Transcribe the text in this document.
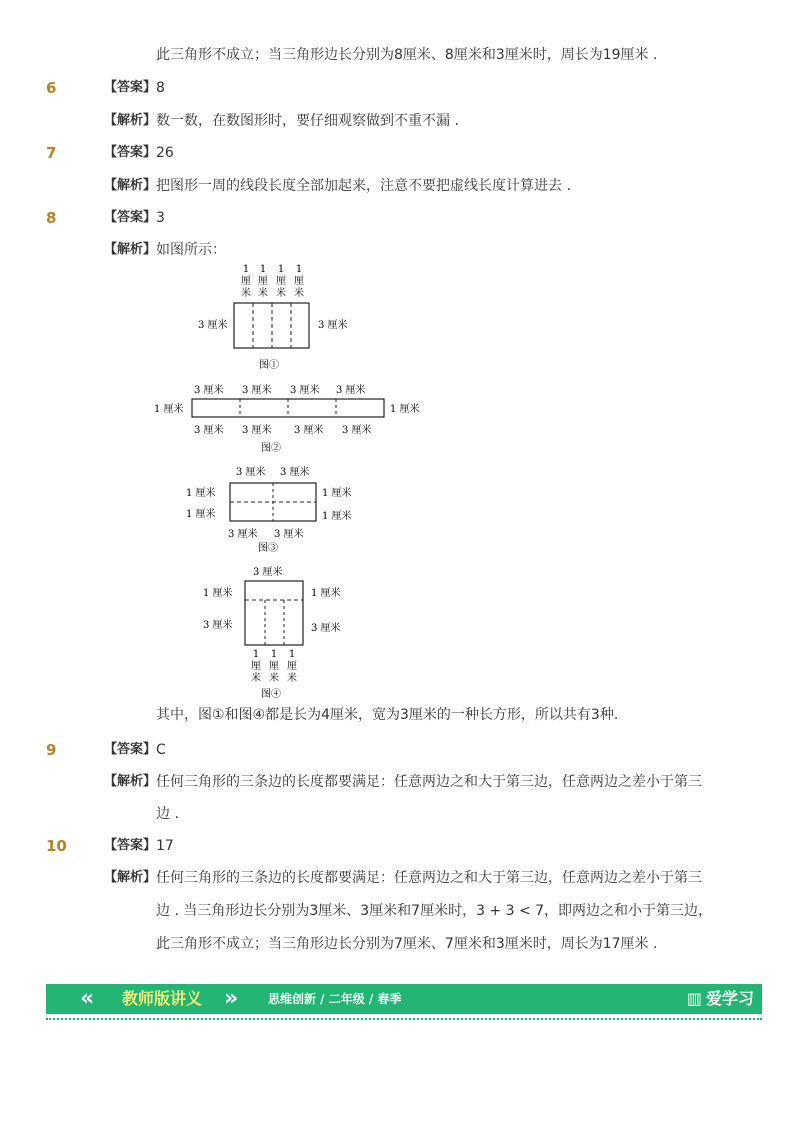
此三角形不成立；当三角形边长分别为8厘米、8厘米和3厘米时，周长为19厘米 .
6	【答案】 8
【解析】 数一数，在数图形时，要仔细观察做到不重不漏 .
7	【答案】 26
【解析】 把图形一周的线段长度全部加起来，注意不要把虚线长度计算进去 .
8	【答案】 3
【解析】 如图所示：
1 1 1 1
厘 厘 厘 厘
米 米 米 米
3 厘米	3 厘米
图①
3 厘米 3 厘米 3 厘米 3 厘米
1 厘米	1 厘米
3 厘米 3 厘米 3 厘米 3 厘米
图②
3 厘米 3 厘米
1 厘米
1 厘米
1 厘米
1 厘米
3 厘米 3 厘米
图③
3 厘米
1 厘米
3 厘米
1 厘米
3 厘米
1 1 1
厘 厘 厘
米 米 米
图④
其中，图①和图④都是长为4厘米，宽为3厘米的一种长方形，所以共有3种.
9	【答案】 C
【解析】 任何三角形的三条边的长度都要满足：任意两边之和大于第三边，任意两边之差小于第三
边 .
10	【答案】 17
【解析】 任何三角形的三条边的长度都要满足：任意两边之和大于第三边，任意两边之差小于第三
边 . 当三角形边长分别为3厘米、3厘米和7厘米时，3 + 3 < 7，即两边之和小于第三边，
此三角形不成立；当三角形边长分别为7厘米、7厘米和3厘米时，周长为17厘米 .
« 教师版讲义 » 思维创新 / 二年级 / 春季	▥ 爱学习
